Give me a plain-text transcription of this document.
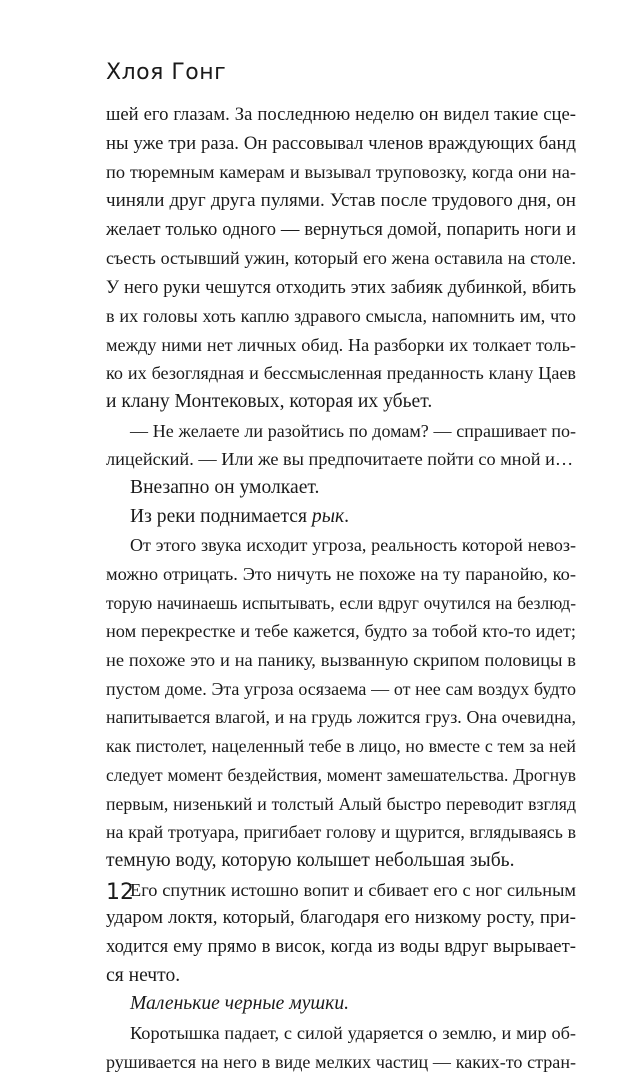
Хлоя Гонг
шей его глазам. За последнюю неделю он видел такие сце-
ны уже три раза. Он рассовывал членов враждующих банд
по тюремным камерам и вызывал труповозку, когда они на-
чиняли друг друга пулями. Устав после трудового дня, он
желает только одного — вернуться домой, попарить ноги и
съесть остывший ужин, который его жена оставила на столе.
У него руки чешутся отходить этих забияк дубинкой, вбить
в их головы хоть каплю здравого смысла, напомнить им, что
между ними нет личных обид. На разборки их толкает толь-
ко их безоглядная и бессмысленная преданность клану Цаев
и клану Монтековых, которая их убьет.
— Не желаете ли разойтись по домам? — спрашивает по-
лицейский. — Или же вы предпочитаете пойти со мной и…
Внезапно он умолкает.
Из реки поднимается рык.
От этого звука исходит угроза, реальность которой невоз-
можно отрицать. Это ничуть не похоже на ту паранойю, ко-
торую начинаешь испытывать, если вдруг очутился на безлюд-
ном перекрестке и тебе кажется, будто за тобой кто-то идет;
не похоже это и на панику, вызванную скрипом половицы в
пустом доме. Эта угроза осязаема — от нее сам воздух будто
напитывается влагой, и на грудь ложится груз. Она очевидна,
как пистолет, нацеленный тебе в лицо, но вместе с тем за ней
следует момент бездействия, момент замешательства. Дрогнув
первым, низенький и толстый Алый быстро переводит взгляд
на край тротуара, пригибает голову и щурится, вглядываясь в
темную воду, которую колышет небольшая зыбь.
Его спутник истошно вопит и сбивает его с ног сильным
ударом локтя, который, благодаря его низкому росту, при-
ходится ему прямо в висок, когда из воды вдруг вырывает-
ся нечто.
Маленькие черные мушки.
Коротышка падает, с силой ударяется о землю, и мир об-
рушивается на него в виде мелких частиц — каких-то стран-
12
